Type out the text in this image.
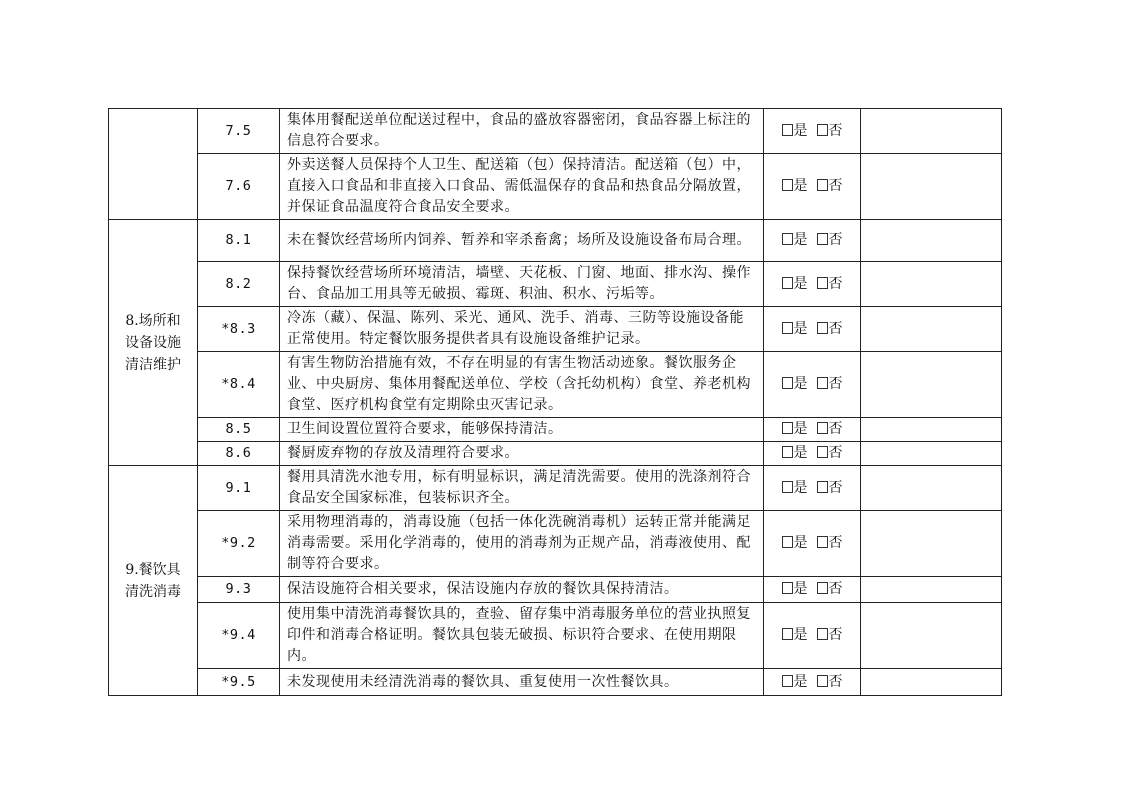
	7.5	集体用餐配送单位配送过程中，食品的盛放容器密闭，食品容器上标注的信息符合要求。	是 否	
	7.6	外卖送餐人员保持个人卫生、配送箱（包）保持清洁。配送箱（包）中，直接入口食品和非直接入口食品、需低温保存的食品和热食品分隔放置，并保证食品温度符合食品安全要求。	是 否	

8.场所和
设备设施
清洁维护	8.1	未在餐饮经营场所内饲养、暂养和宰杀畜禽；场所及设施设备布局合理。	是 否	
	8.2	保持餐饮经营场所环境清洁，墙壁、天花板、门窗、地面、排水沟、操作台、食品加工用具等无破损、霉斑、积油、积水、污垢等。	是 否	
	*8.3	冷冻（藏）、保温、陈列、采光、通风、洗手、消毒、三防等设施设备能正常使用。特定餐饮服务提供者具有设施设备维护记录。	是 否	
	*8.4	有害生物防治措施有效，不存在明显的有害生物活动迹象。餐饮服务企业、中央厨房、集体用餐配送单位、学校（含托幼机构）食堂、养老机构食堂、医疗机构食堂有定期除虫灭害记录。	是 否	
	8.5	卫生间设置位置符合要求，能够保持清洁。	是 否	
	8.6	餐厨废弃物的存放及清理符合要求。	是 否	

9.餐饮具
清洗消毒	9.1	餐用具清洗水池专用，标有明显标识，满足清洗需要。使用的洗涤剂符合食品安全国家标准，包装标识齐全。	是 否	
	*9.2	采用物理消毒的，消毒设施（包括一体化洗碗消毒机）运转正常并能满足消毒需要。采用化学消毒的，使用的消毒剂为正规产品，消毒液使用、配制等符合要求。	是 否	
	9.3	保洁设施符合相关要求，保洁设施内存放的餐饮具保持清洁。	是 否	
	*9.4	使用集中清洗消毒餐饮具的，查验、留存集中消毒服务单位的营业执照复印件和消毒合格证明。餐饮具包装无破损、标识符合要求、在使用期限内。	是 否	
	*9.5	未发现使用未经清洗消毒的餐饮具、重复使用一次性餐饮具。	是 否	
